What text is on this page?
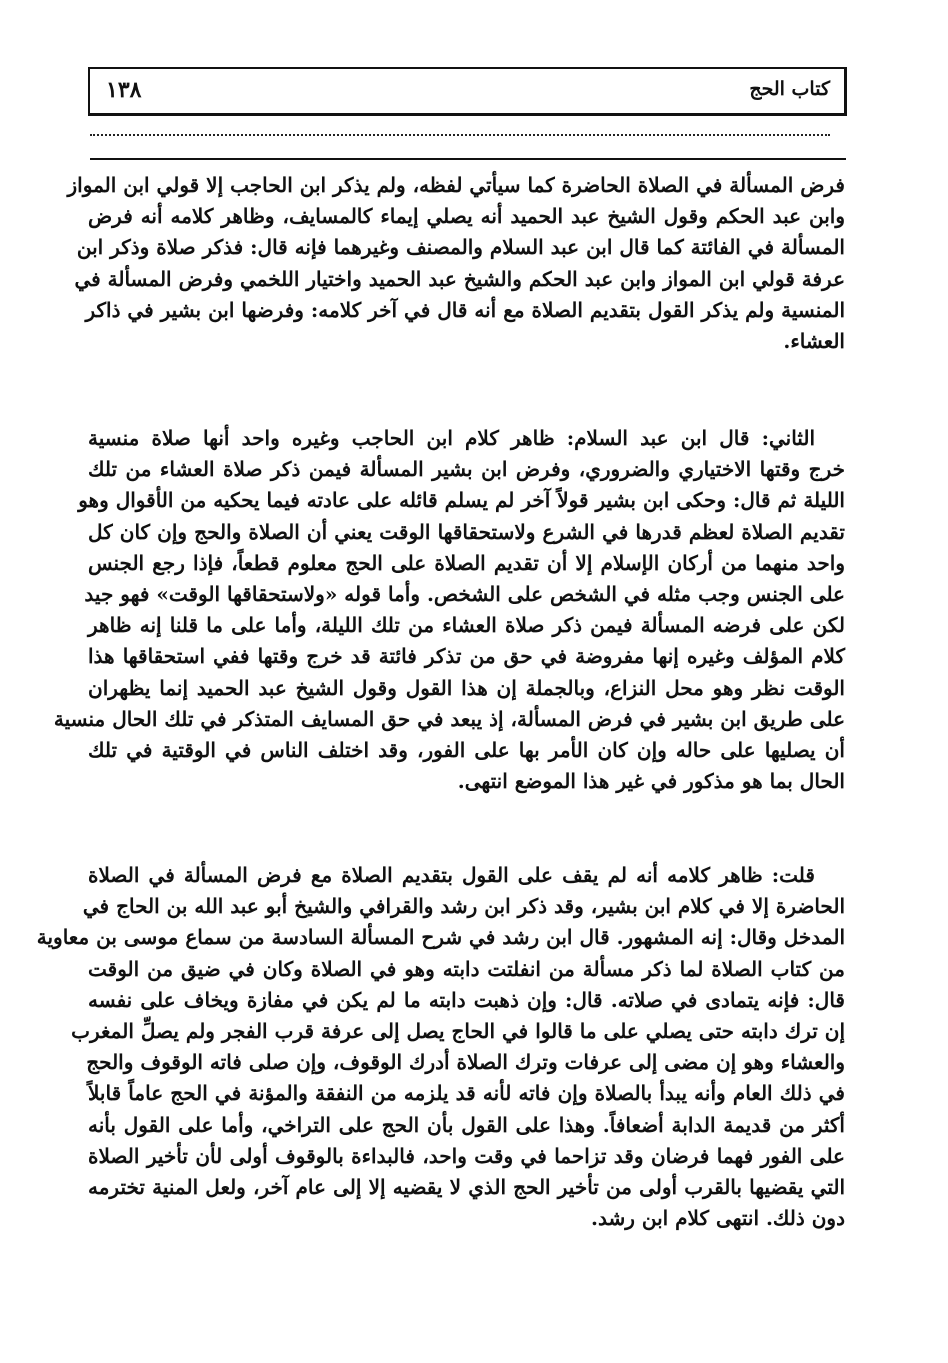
١٣٨	كتاب الحج
فرض المسألة في الصلاة الحاضرة كما سيأتي لفظه، ولم يذكر ابن الحاجب إلا قولي ابن المواز
وابن عبد الحكم وقول الشيخ عبد الحميد أنه يصلي إيماء كالمسايف، وظاهر كلامه أنه فرض
المسألة في الفائتة كما قال ابن عبد السلام والمصنف وغيرهما فإنه قال: فذكر صلاة وذكر ابن
عرفة قولي ابن المواز وابن عبد الحكم والشيخ عبد الحميد واختيار اللخمي وفرض المسألة في
المنسية ولم يذكر القول بتقديم الصلاة مع أنه قال في آخر كلامه: وفرضها ابن بشير في ذاكر
العشاء.
الثاني: قال ابن عبد السلام: ظاهر كلام ابن الحاجب وغيره واحد أنها صلاة منسية
خرج وقتها الاختياري والضروري، وفرض ابن بشير المسألة فيمن ذكر صلاة العشاء من تلك
الليلة ثم قال: وحكى ابن بشير قولاً آخر لم يسلم قائله على عادته فيما يحكيه من الأقوال وهو
تقديم الصلاة لعظم قدرها في الشرع ولاستحقاقها الوقت يعني أن الصلاة والحج وإن كان كل
واحد منهما من أركان الإسلام إلا أن تقديم الصلاة على الحج معلوم قطعاً، فإذا رجع الجنس
على الجنس وجب مثله في الشخص على الشخص. وأما قوله «ولاستحقاقها الوقت» فهو جيد
لكن على فرضه المسألة فيمن ذكر صلاة العشاء من تلك الليلة، وأما على ما قلنا إنه ظاهر
كلام المؤلف وغيره إنها مفروضة في حق من تذكر فائتة قد خرج وقتها ففي استحقاقها هذا
الوقت نظر وهو محل النزاع، وبالجملة إن هذا القول وقول الشيخ عبد الحميد إنما يظهران
على طريق ابن بشير في فرض المسألة، إذ يبعد في حق المسايف المتذكر في تلك الحال منسية
أن يصليها على حاله وإن كان الأمر بها على الفور، وقد اختلف الناس في الوقتية في تلك
الحال بما هو مذكور في غير هذا الموضع انتهى.
قلت: ظاهر كلامه أنه لم يقف على القول بتقديم الصلاة مع فرض المسألة في الصلاة
الحاضرة إلا في كلام ابن بشير، وقد ذكر ابن رشد والقرافي والشيخ أبو عبد الله بن الحاج في
المدخل وقال: إنه المشهور. قال ابن رشد في شرح المسألة السادسة من سماع موسى بن معاوية
من كتاب الصلاة لما ذكر مسألة من انفلتت دابته وهو في الصلاة وكان في ضيق من الوقت
قال: فإنه يتمادى في صلاته. قال: وإن ذهبت دابته ما لم يكن في مفازة ويخاف على نفسه
إن ترك دابته حتى يصلي على ما قالوا في الحاج يصل إلى عرفة قرب الفجر ولم يصلِّ المغرب
والعشاء وهو إن مضى إلى عرفات وترك الصلاة أدرك الوقوف، وإن صلى فاته الوقوف والحج
في ذلك العام وأنه يبدأ بالصلاة وإن فاته لأنه قد يلزمه من النفقة والمؤنة في الحج عاماً قابلاً
أكثر من قديمة الدابة أضعافاً. وهذا على القول بأن الحج على التراخي، وأما على القول بأنه
على الفور فهما فرضان وقد تزاحما في وقت واحد، فالبداءة بالوقوف أولى لأن تأخير الصلاة
التي يقضيها بالقرب أولى من تأخير الحج الذي لا يقضيه إلا إلى عام آخر، ولعل المنية تخترمه
دون ذلك. انتهى كلام ابن رشد.
